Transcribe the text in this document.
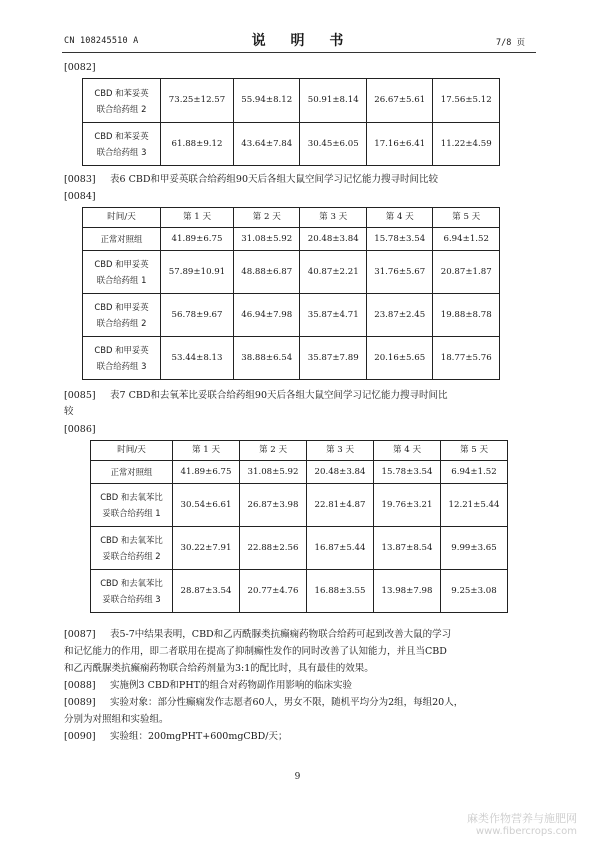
CN 108245510 A	说 明 书	7/8 页
[0082]
CBD 和苯妥英
联合给药组 2	73.25±12.57	55.94±8.12	50.91±8.14	26.67±5.61	17.56±5.12
CBD 和苯妥英
联合给药组 3	61.88±9.12	43.64±7.84	30.45±6.05	17.16±6.41	11.22±4.59
[0083] 表6 CBD和甲妥英联合给药组90天后各组大鼠空间学习记忆能力搜寻时间比较
[0084]
时间/天	第 1 天	第 2 天	第 3 天	第 4 天	第 5 天
正常对照组	41.89±6.75	31.08±5.92	20.48±3.84	15.78±3.54	6.94±1.52
CBD 和甲妥英
联合给药组 1	57.89±10.91	48.88±6.87	40.87±2.21	31.76±5.67	20.87±1.87
CBD 和甲妥英
联合给药组 2	56.78±9.67	46.94±7.98	35.87±4.71	23.87±2.45	19.88±8.78
CBD 和甲妥英
联合给药组 3	53.44±8.13	38.88±6.54	35.87±7.89	20.16±5.65	18.77±5.76
[0085] 表7 CBD和去氧苯比妥联合给药组90天后各组大鼠空间学习记忆能力搜寻时间比
较
[0086]
时间/天	第 1 天	第 2 天	第 3 天	第 4 天	第 5 天
正常对照组	41.89±6.75	31.08±5.92	20.48±3.84	15.78±3.54	6.94±1.52
CBD 和去氧苯比
妥联合给药组 1	30.54±6.61	26.87±3.98	22.81±4.87	19.76±3.21	12.21±5.44
CBD 和去氧苯比
妥联合给药组 2	30.22±7.91	22.88±2.56	16.87±5.44	13.87±8.54	9.99±3.65
CBD 和去氧苯比
妥联合给药组 3	28.87±3.54	20.77±4.76	16.88±3.55	13.98±7.98	9.25±3.08
[0087] 表5-7中结果表明，CBD和乙丙酰脲类抗癫痫药物联合给药可起到改善大鼠的学习
和记忆能力的作用，即二者联用在提高了抑制癫性发作的同时改善了认知能力，并且当CBD
和乙丙酰脲类抗癫痫药物联合给药剂量为3:1的配比时，具有最佳的效果。
[0088] 实施例3 CBD和PHT的组合对药物副作用影响的临床实验
[0089] 实验对象：部分性癫痫发作志愿者60人，男女不限，随机平均分为2组，每组20人，
分别为对照组和实验组。
[0090] 实验组：200mgPHT+600mgCBD/天；
9
麻类作物营养与施肥网
www.fibercrops.com
